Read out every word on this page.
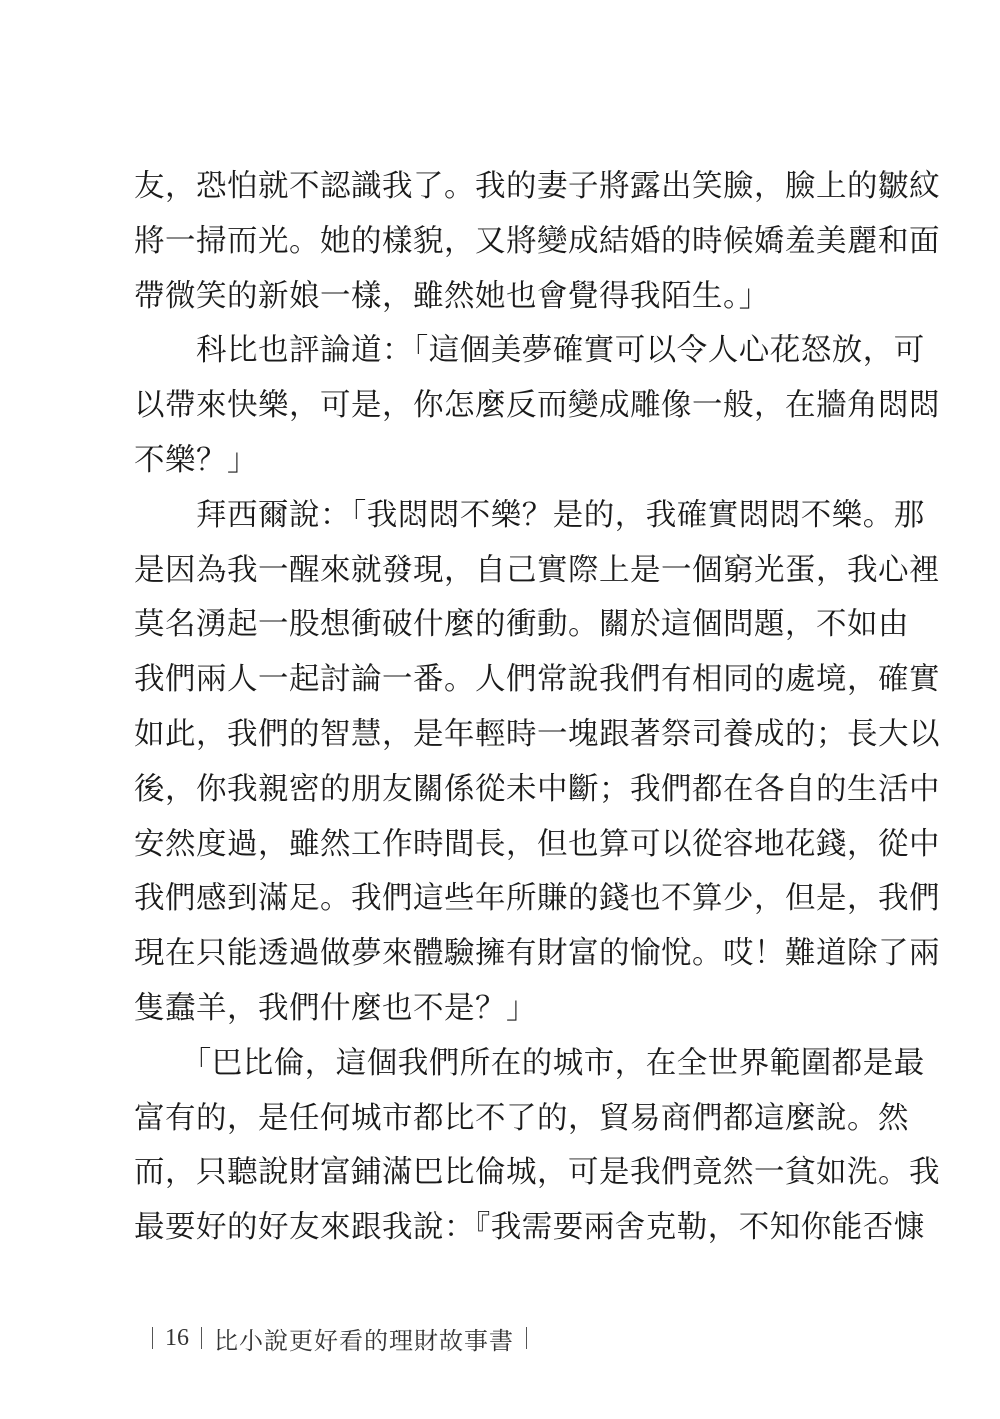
友，恐怕就不認識我了。我的妻子將露出笑臉，臉上的皺紋
將一掃而光。她的樣貌，又將變成結婚的時候嬌羞美麗和面
帶微笑的新娘一樣，雖然她也會覺得我陌生。」
　　科比也評論道：「這個美夢確實可以令人心花怒放，可
以帶來快樂，可是，你怎麼反而變成雕像一般，在牆角悶悶
不樂？」
　　拜西爾說：「我悶悶不樂？是的，我確實悶悶不樂。那
是因為我一醒來就發現，自己實際上是一個窮光蛋，我心裡
莫名湧起一股想衝破什麼的衝動。關於這個問題，不如由
我們兩人一起討論一番。人們常說我們有相同的處境，確實
如此，我們的智慧，是年輕時一塊跟著祭司養成的；長大以
後，你我親密的朋友關係從未中斷；我們都在各自的生活中
安然度過，雖然工作時間長，但也算可以從容地花錢，從中
我們感到滿足。我們這些年所賺的錢也不算少，但是，我們
現在只能透過做夢來體驗擁有財富的愉悅。哎！難道除了兩
隻蠢羊，我們什麼也不是？」
　　「巴比倫，這個我們所在的城市，在全世界範圍都是最
富有的，是任何城市都比不了的，貿易商們都這麼說。然
而，只聽說財富鋪滿巴比倫城，可是我們竟然一貧如洗。我
最要好的好友來跟我說：『我需要兩舍克勒，不知你能否慷
16 比小說更好看的理財故事書
